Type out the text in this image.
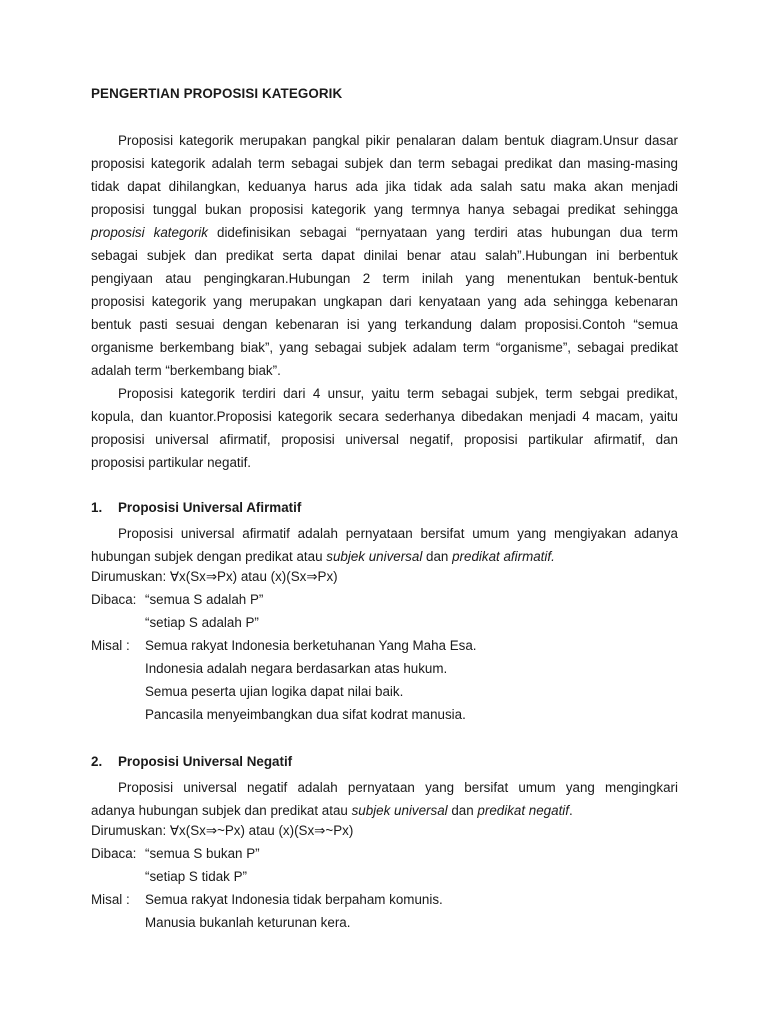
PENGERTIAN PROPOSISI KATEGORIK
Proposisi kategorik merupakan pangkal pikir penalaran dalam bentuk diagram.Unsur dasar
proposisi kategorik adalah term sebagai subjek dan term sebagai predikat dan masing-masing
tidak dapat dihilangkan, keduanya harus ada jika tidak ada salah satu maka akan menjadi
proposisi tunggal bukan proposisi kategorik yang termnya hanya sebagai predikat sehingga
proposisi kategorik didefinisikan sebagai “pernyataan yang terdiri atas hubungan dua term
sebagai subjek dan predikat serta dapat dinilai benar atau salah”.Hubungan ini berbentuk
pengiyaan atau pengingkaran.Hubungan 2 term inilah yang menentukan bentuk-bentuk
proposisi kategorik yang merupakan ungkapan dari kenyataan yang ada sehingga kebenaran
bentuk pasti sesuai dengan kebenaran isi yang terkandung dalam proposisi.Contoh “semua
organisme berkembang biak”, yang sebagai subjek adalam term “organisme”, sebagai predikat
adalah term “berkembang biak”.
Proposisi kategorik terdiri dari 4 unsur, yaitu term sebagai subjek, term sebgai predikat,
kopula, dan kuantor.Proposisi kategorik secara sederhanya dibedakan menjadi 4 macam, yaitu
proposisi universal afirmatif, proposisi universal negatif, proposisi partikular afirmatif, dan
proposisi partikular negatif.
1. Proposisi Universal Afirmatif
Proposisi universal afirmatif adalah pernyataan bersifat umum yang mengiyakan adanya
hubungan subjek dengan predikat atau subjek universal dan predikat afirmatif.
Dirumuskan: ∀x(Sx⇒Px) atau (x)(Sx⇒Px)
Dibaca: “semua S adalah P”
“setiap S adalah P”
Misal : Semua rakyat Indonesia berketuhanan Yang Maha Esa.
Indonesia adalah negara berdasarkan atas hukum.
Semua peserta ujian logika dapat nilai baik.
Pancasila menyeimbangkan dua sifat kodrat manusia.
2. Proposisi Universal Negatif
Proposisi universal negatif adalah pernyataan yang bersifat umum yang mengingkari
adanya hubungan subjek dan predikat atau subjek universal dan predikat negatif.
Dirumuskan: ∀x(Sx⇒~Px) atau (x)(Sx⇒~Px)
Dibaca: “semua S bukan P”
“setiap S tidak P”
Misal : Semua rakyat Indonesia tidak berpaham komunis.
Manusia bukanlah keturunan kera.
